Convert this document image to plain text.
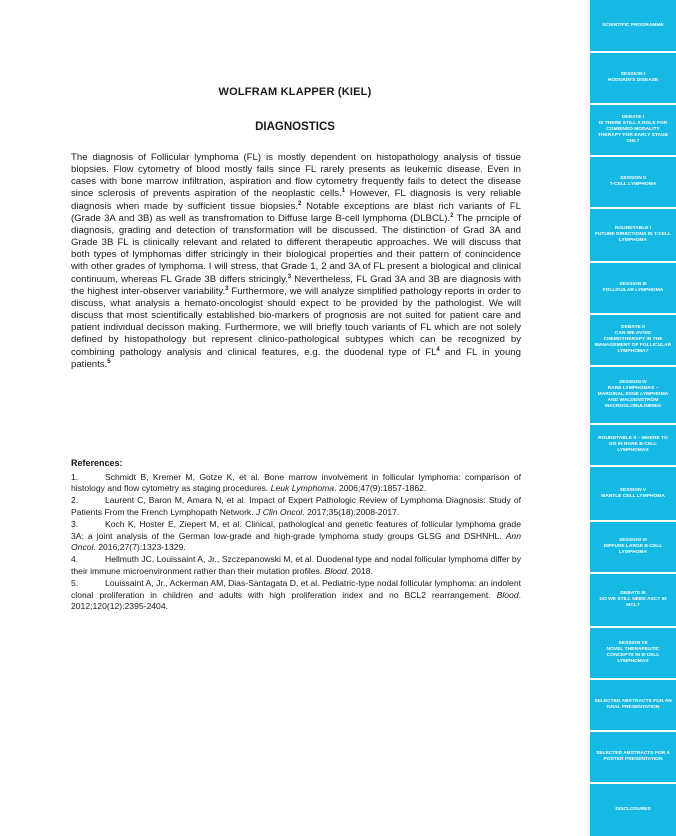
WOLFRAM KLAPPER (KIEL)
DIAGNOSTICS

The diagnosis of Follicular lymphoma (FL) is mostly dependent on histopathology analysis of tissue biopsies. Flow cytometry of blood mostly fails since FL rarely presents as leukemic disease. Even in cases with bone marrow infiltration, aspiration and flow cytometry frequently fails to detect the disease since sclerosis of prevents aspiration of the neoplastic cells.$^1$ However, FL diagnosis is very reliable diagnosis when made by sufficient tissue biopsies.$^2$ Notable exceptions are blast rich variants of FL (Grade 3A and 3B) as well as transfromation to Diffuse large B-cell lymphoma (DLBCL).$^2$ The prnciple of diagnosis, grading and detection of transformation will be discussed. The distinction of Grad 3A and Grade 3B FL is clinically relevant and related to different therapeutic approaches. We will discuss that both types of lymphomas differ stricingly in their biological properties and their pattern of conincidence with other grades of lymphoma. I will stress, that Grade 1, 2 and 3A of FL present a biological and clinical continuum, whereas FL Grade 3B differs stricingly.$^3$ Nevertheless, FL Grad 3A and 3B are diagnosis with the highest inter-observer variability.$^3$ Furthermore, we will analyze simplified pathology reports in order to discuss, what analysis a hemato-oncologist should expect to be provided by the pathologist. We will discuss that most scientifically established bio-markers of prognosis are not suited for patient care and patient individual decisson making. Furthermore, we will briefly touch variants of FL which are not solely defined by histopathology but represent clinico-pathological subtypes which can be recognized by combining pathology analysis and clinical features, e.g. the duodenal type of $FL^4$ and FL in young patients.$^5$

References:
1.	Schmidt B, Kremer M, Gotze K, et al. Bone marrow involvement in follicular lymphoma: comparison of histology and flow cytometry as staging procedures. Leuk Lymphoma. 2006;47(9):1857-1862.
2.	Laurent C, Baron M, Amara N, et al. Impact of Expert Pathologic Review of Lymphoma Diagnosis: Study of Patients From the French Lymphopath Network. J Clin Oncol. 2017;35(18):2008-2017.
3.	Koch K, Hoster E, Ziepert M, et al. Clinical, pathological and genetic features of follicular lymphoma grade 3A: a joint analysis of the German low-grade and high-grade lymphoma study groups GLSG and DSHNHL. Ann Oncol. 2016;27(7):1323-1329.
4.	Hellmuth JC, Louissaint A, Jr., Szczepanowski M, et al. Duodenal type and nodal follicular lymphoma differ by their immune microenvironment rather than their mutation profiles. Blood. 2018.
5.	Louissaint A, Jr., Ackerman AM, Dias-Santagata D, et al. Pediatric-type nodal follicular lymphoma: an indolent clonal proliferation in children and adults with high proliferation index and no BCL2 rearrangement. Blood. 2012;120(12):2395-2404.
SCIENTIFIC PROGRAMME
SESSION I
HODGKIN'S DISEASE
DEBATE I
IS THERE STILL A ROLE FOR COMBINED MODALITY THERAPY FOR EARLY STAGE CHL?
SESSION II
T-CELL LYMPHOMA
ROUNDTABLE I
FUTURE DIRECTIONS IN T-CELL LYMPHOMA
SESSION III
FOLLICULAR LYMPHOMA
DEBATE II
CAN WE AVOID CHEMOTHERAPY IN THE MANAGEMENT OF FOLLICULAR LYMPHOMA?
SESSION IV
RARE LYMPHOMAS – MARGINAL ZONE LYMPHOMA AND WALDENSTRÖM MACROGLOBULINEMIA
ROUNDTABLE II – WHERE TO GO IN RARE B-CELL LYMPHOMAS
SESSION V
MANTLE CELL LYMPHOMA
SESSION VI
DIFFUSE LARGE B-CELL LYMPHOMA
DEBATE III
DO WE STILL NEED ASCT IN MCL?
SESSION VII
NOVEL THERAPEUTIC CONCEPTS IN B-CELL LYMPHOMAS
SELECTED ABSTRACTS FOR AN ORAL PRESENTATION
SELECTED ABSTRACTS FOR A POSTER PRESENTATION
DISCLOSURES
